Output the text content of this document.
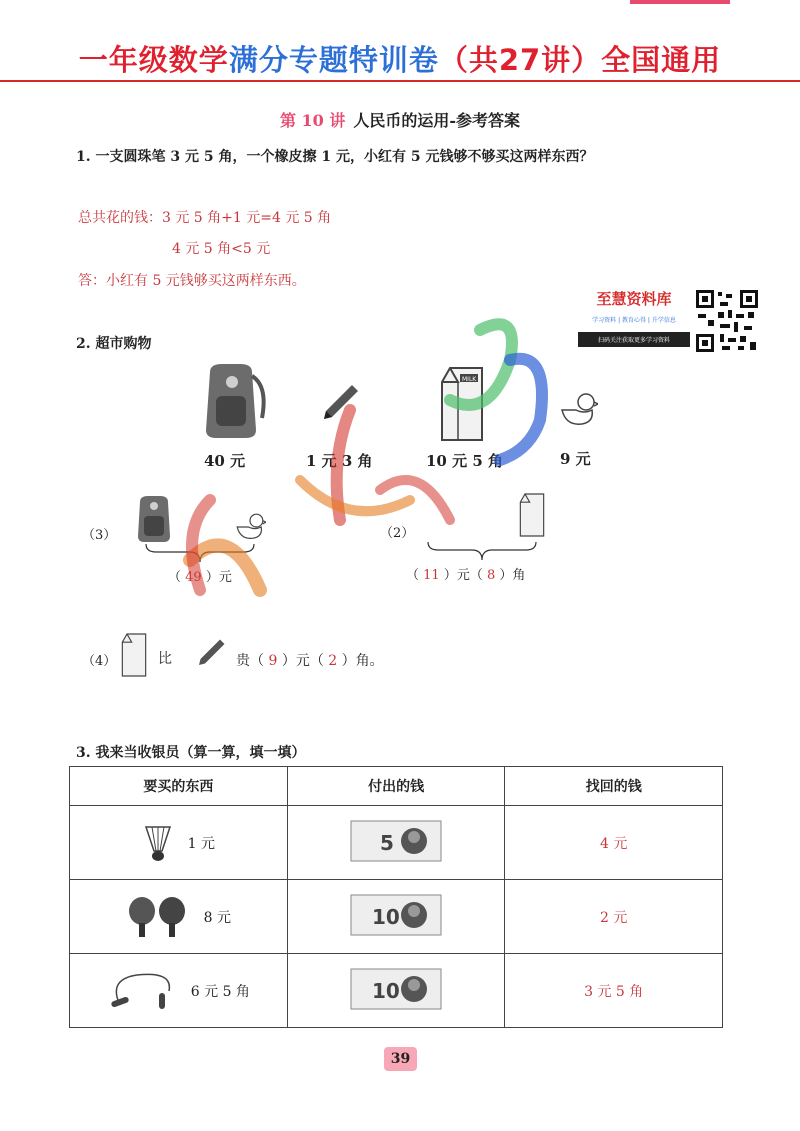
一年级数学满分专题特训卷（共27讲）全国通用
第 10 讲 人民币的运用-参考答案
1. 一支圆珠笔 3 元 5 角，一个橡皮擦 1 元，小红有 5 元钱够不够买这两样东西？
总共花的钱：3 元 5 角+1 元=4 元 5 角
4 元 5 角<5 元
答：小红有 5 元钱够买这两样东西。
至慧资料库
学习资料 | 教育心得 | 升学信息
扫码关注获取更多学习资料
2. 超市购物
MILK
40 元	1 元 3 角	10 元 5 角	9 元
（3）
（ 49 ）元
（2）
（ 11 ）元（ 8 ）角
（4）	比	贵（ 9 ）元（ 2 ）角。
3. 我来当收银员（算一算，填一填）
要买的东西	付出的钱	找回的钱

1 元	5	4 元

8 元	10	2 元

6 元 5 角	10	3 元 5 角
39
